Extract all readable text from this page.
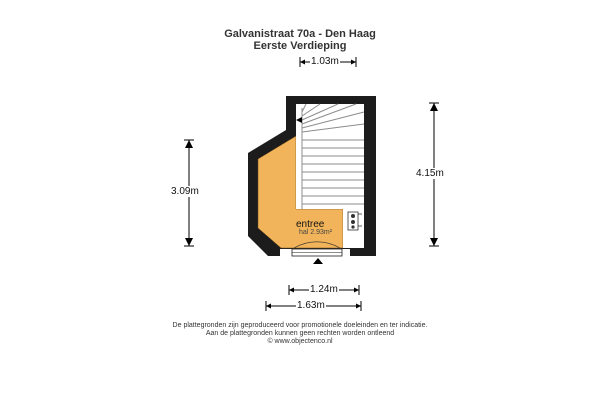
Galvanistraat 70a - Den Haag
Eerste Verdieping
1.03m
3.09m
4.15m
1.24m
1.63m
entree
hal 2.93m²
De plattegronden zijn geproduceerd voor promotionele doeleinden en ter indicatie.
Aan de plattegronden kunnen geen rechten worden ontleend
© www.objectenco.nl
